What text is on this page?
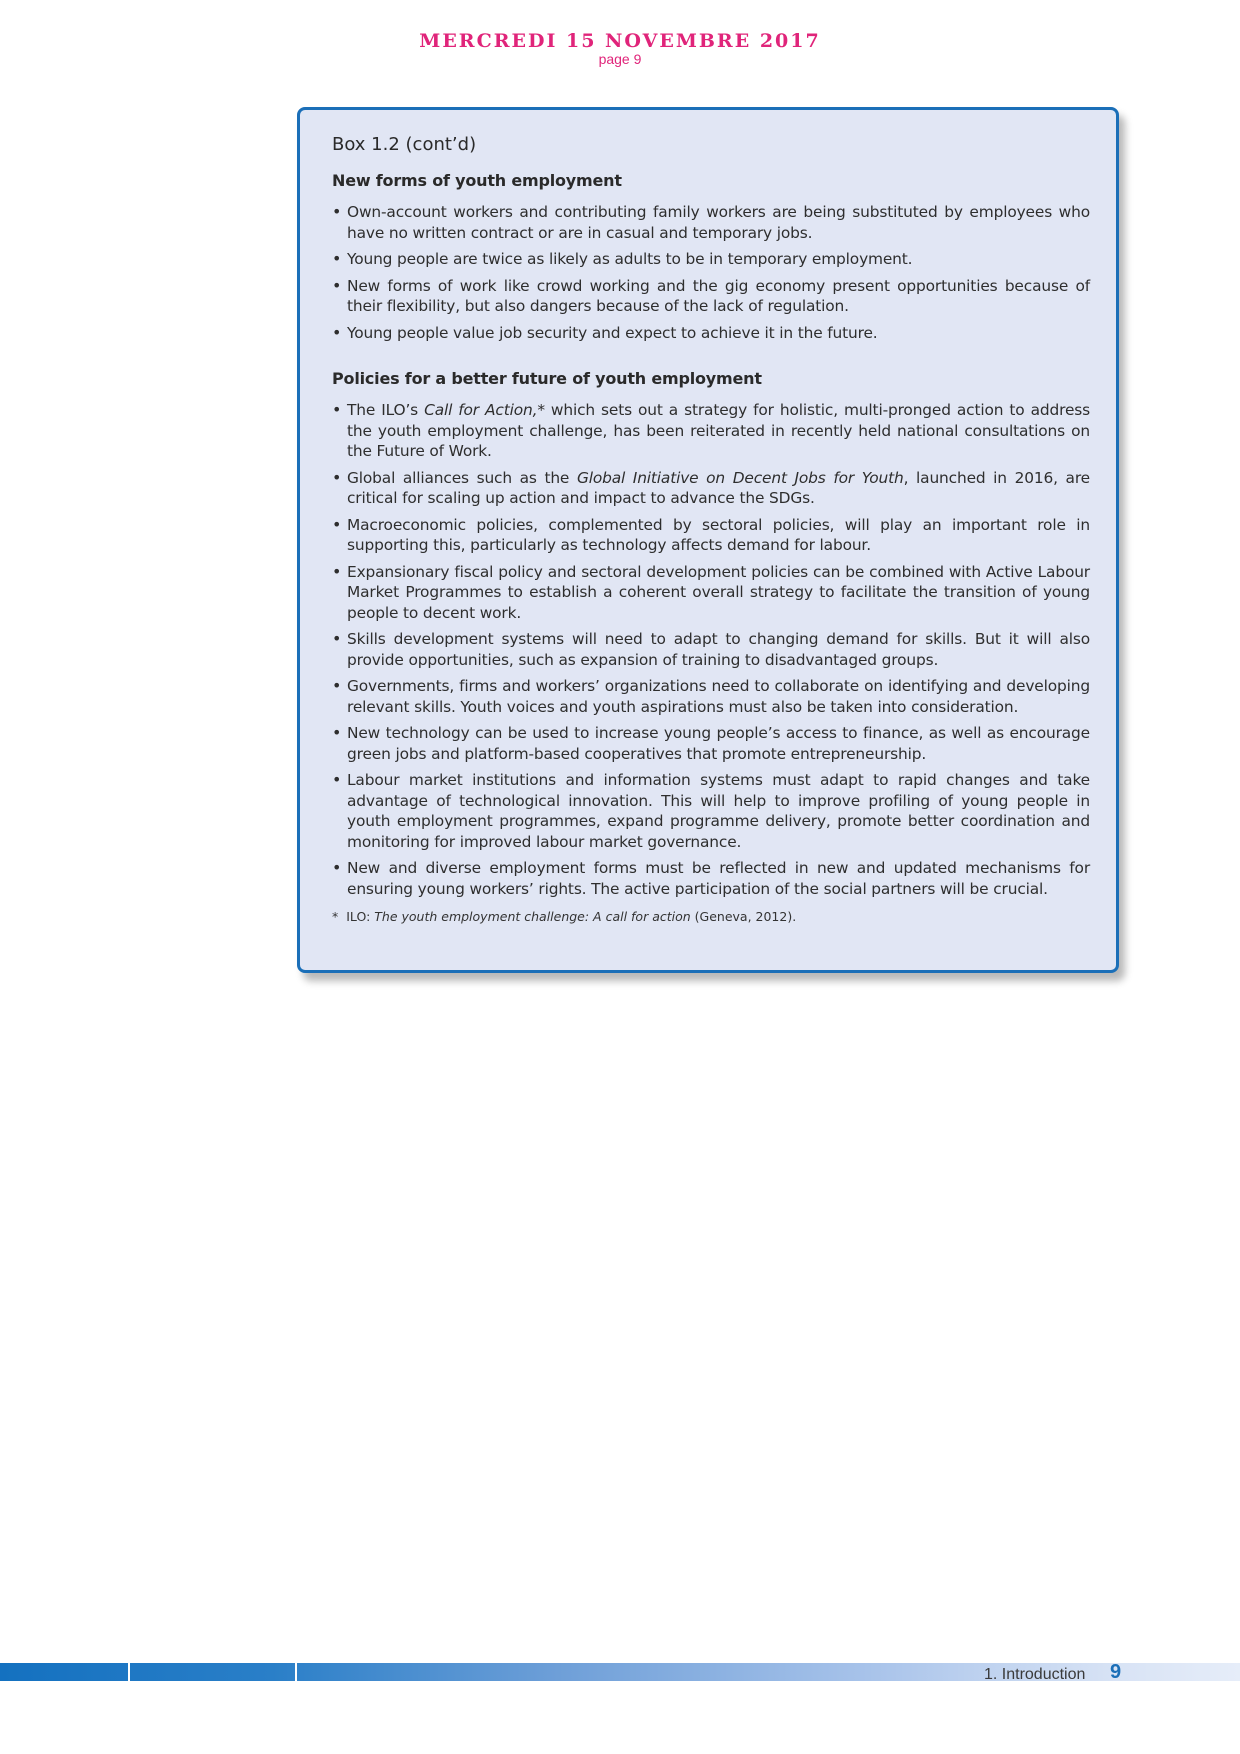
MERCREDI 15 NOVEMBRE 2017
page 9
Box 1.2 (cont’d)
New forms of youth employment
• Own-account workers and contributing family workers are being substituted by employees who have no written contract or are in casual and temporary jobs.
• Young people are twice as likely as adults to be in temporary employment.
• New forms of work like crowd working and the gig economy present opportunities because of their flexibility, but also dangers because of the lack of regulation.
• Young people value job security and expect to achieve it in the future.
Policies for a better future of youth employment
• The ILO’s Call for Action,* which sets out a strategy for holistic, multi-pronged action to address the youth employment challenge, has been reiterated in recently held national consultations on the Future of Work.
• Global alliances such as the Global Initiative on Decent Jobs for Youth, launched in 2016, are critical for scaling up action and impact to advance the SDGs.
• Macroeconomic policies, complemented by sectoral policies, will play an important role in supporting this, particularly as technology affects demand for labour.
• Expansionary fiscal policy and sectoral development policies can be combined with Active Labour Market Programmes to establish a coherent overall strategy to facilitate the transition of young people to decent work.
• Skills development systems will need to adapt to changing demand for skills. But it will also provide opportunities, such as expansion of training to disadvantaged groups.
• Governments, firms and workers’ organizations need to collaborate on identifying and developing relevant skills. Youth voices and youth aspirations must also be taken into consideration.
• New technology can be used to increase young people’s access to finance, as well as encourage green jobs and platform-based cooperatives that promote entrepreneurship.
• Labour market institutions and information systems must adapt to rapid changes and take advantage of technological innovation. This will help to improve profiling of young people in youth employment programmes, expand programme delivery, promote better coordination and monitoring for improved labour market governance.
• New and diverse employment forms must be reflected in new and updated mechanisms for ensuring young workers’ rights. The active participation of the social partners will be crucial.
* ILO: The youth employment challenge: A call for action (Geneva, 2012).
1. Introduction 9
